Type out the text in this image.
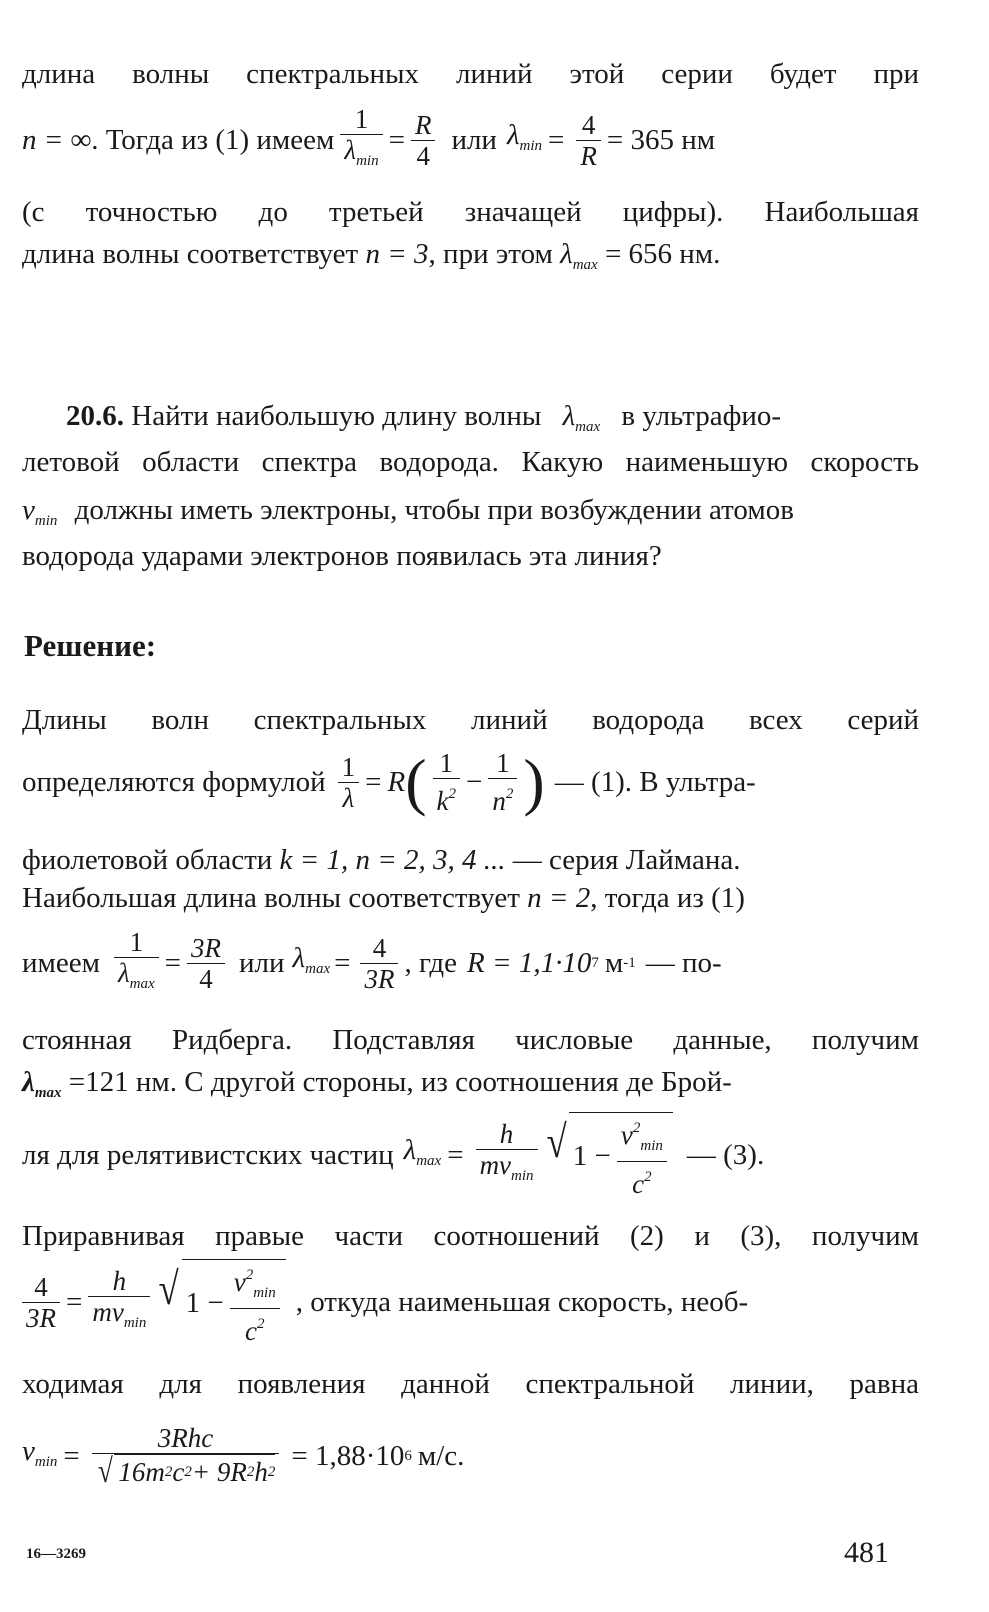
длина волны спектральных линий этой серии будет при
n = ∞ . Тогда из (1) имеем $\frac{1}{\lambda_{min}} = \frac{R}{4}$ или $\lambda_{min} = \frac{4}{R} = 365$ нм
(с точностью до третьей значащей цифры). Наибольшая
длина волны соответствует n = 3, при этом $\lambda_{max} = 656$ нм.
20.6. Найти наибольшую длину волны $\lambda_{max}$ в ультрафио-
летовой области спектра водорода. Какую наименьшую скорость
$v_{min}$ должны иметь электроны, чтобы при возбуждении атомов
водорода ударами электронов появилась эта линия?
Решение:
Длины волн спектральных линий водорода всех серий
определяются формулой $\frac{1}{\lambda} = R$ ( $\frac{1}{k^2} - \frac{1}{n^2}$ ) — (1). В ультра-
фиолетовой области k = 1, n = 2, 3, 4 ... — серия Лаймана.
Наибольшая длина волны соответствует n = 2, тогда из (1)
имеем $\frac{1}{\lambda_{max}} = \frac{3R}{4}$ или $\lambda_{max} = \frac{4}{3R}$ , где R = 1,1·10 7 м -1 — по-
стоянная Ридберга. Подставляя числовые данные, получим
$\lambda_{max} =121$ нм. С другой стороны, из соотношения де Брой-
ля для релятивистских частиц $\lambda_{max} = \frac{h}{mv_{min}}$ √ $1 - \frac{v^2_{min}}{c^2}$ — (3).
Приравнивая правые части соотношений (2) и (3), получим
$\frac{4}{3R} = \frac{h}{mv_{min}}$ √ $1 - \frac{v^2_{min}}{c^2}$ , откуда наименьшая скорость, необ-
ходимая для появления данной спектральной линии, равна
$v_{min} = \frac{\text{3Rhc}}{√ 16m 2 c 2 + 9R 2 h 2} = 1,88\cdot 10$ 6 м/с.
16—3269	481
